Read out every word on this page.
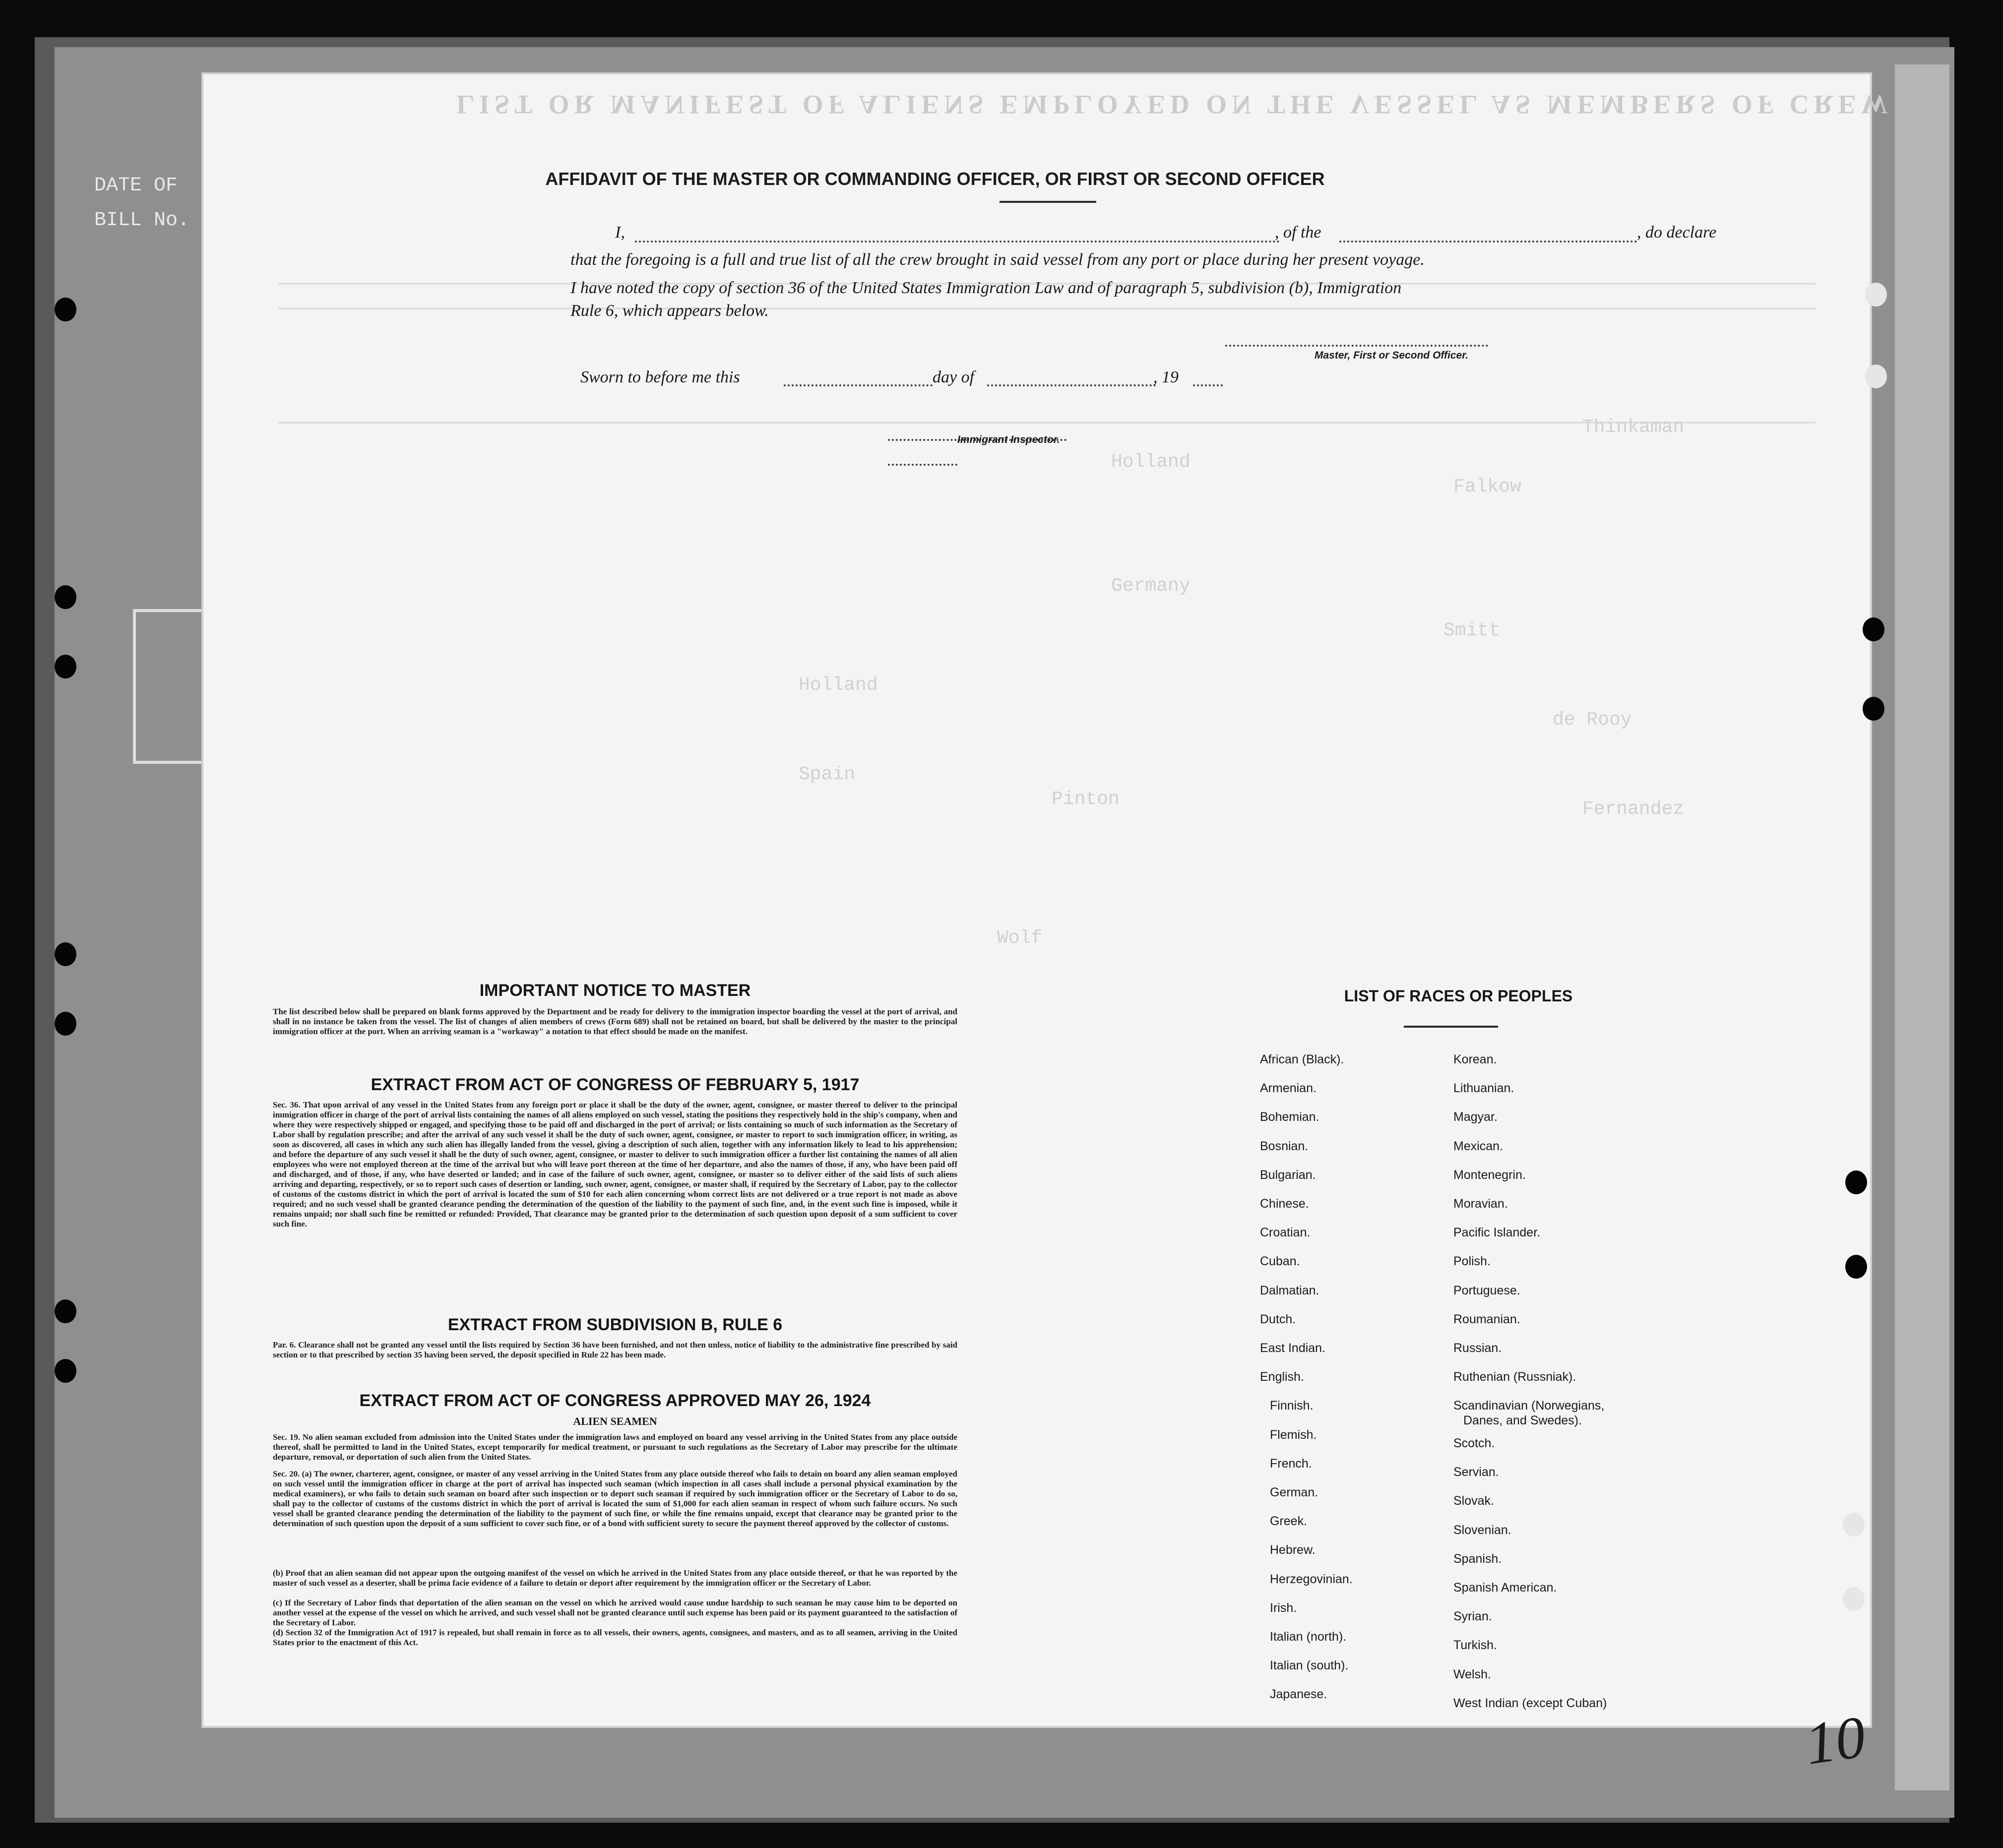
DATE OF
BILL No.
LIST OR MANIFEST OF ALIENS EMPLOYED ON THE VESSEL AS MEMBERS OF CREW
Thinkaman
Falkow
Smitt
de Rooy
Fernandez
Pinton
Holland
Germany
Holland
Spain
Wolf
AFFIDAVIT OF THE MASTER OR COMMANDING OFFICER, OR FIRST OR SECOND OFFICER
I,	, of the	, do declare
that the foregoing is a full and true list of all the crew brought in said vessel from any port or place during her present voyage.
I have noted the copy of section 36 of the United States Immigration Law and of paragraph 5, subdivision (b), Immigration
Rule 6, which appears below.
Master, First or Second Officer.
Sworn to before me this	day of	, 19
Immigrant Inspector.
IMPORTANT NOTICE TO MASTER
The list described below shall be prepared on blank forms approved by the Department and be ready for delivery to the immigration inspector boarding the vessel at the port of arrival, and shall in no instance be taken from the vessel. The list of changes of alien members of crews (Form 689) shall not be retained on board, but shall be delivered by the master to the principal immigration officer at the port. When an arriving seaman is a "workaway" a notation to that effect should be made on the manifest.
EXTRACT FROM ACT OF CONGRESS OF FEBRUARY 5, 1917
Sec. 36. That upon arrival of any vessel in the United States from any foreign port or place it shall be the duty of the owner, agent, consignee, or master thereof to deliver to the principal immigration officer in charge of the port of arrival lists containing the names of all aliens employed on such vessel, stating the positions they respectively hold in the ship's company, when and where they were respectively shipped or engaged, and specifying those to be paid off and discharged in the port of arrival; or lists containing so much of such information as the Secretary of Labor shall by regulation prescribe; and after the arrival of any such vessel it shall be the duty of such owner, agent, consignee, or master to report to such immigration officer, in writing, as soon as discovered, all cases in which any such alien has illegally landed from the vessel, giving a description of such alien, together with any information likely to lead to his apprehension; and before the departure of any such vessel it shall be the duty of such owner, agent, consignee, or master to deliver to such immigration officer a further list containing the names of all alien employees who were not employed thereon at the time of the arrival but who will leave port thereon at the time of her departure, and also the names of those, if any, who have been paid off and discharged, and of those, if any, who have deserted or landed; and in case of the failure of such owner, agent, consignee, or master so to deliver either of the said lists of such aliens arriving and departing, respectively, or so to report such cases of desertion or landing, such owner, agent, consignee, or master shall, if required by the Secretary of Labor, pay to the collector of customs of the customs district in which the port of arrival is located the sum of $10 for each alien concerning whom correct lists are not delivered or a true report is not made as above required; and no such vessel shall be granted clearance pending the determination of the question of the liability to the payment of such fine, and, in the event such fine is imposed, while it remains unpaid; nor shall such fine be remitted or refunded: Provided, That clearance may be granted prior to the determination of such question upon deposit of a sum sufficient to cover such fine.
EXTRACT FROM SUBDIVISION B, RULE 6
Par. 6. Clearance shall not be granted any vessel until the lists required by Section 36 have been furnished, and not then unless, notice of liability to the administrative fine prescribed by said section or to that prescribed by section 35 having been served, the deposit specified in Rule 22 has been made.
EXTRACT FROM ACT OF CONGRESS APPROVED MAY 26, 1924
ALIEN SEAMEN
Sec. 19. No alien seaman excluded from admission into the United States under the immigration laws and employed on board any vessel arriving in the United States from any place outside thereof, shall be permitted to land in the United States, except temporarily for medical treatment, or pursuant to such regulations as the Secretary of Labor may prescribe for the ultimate departure, removal, or deportation of such alien from the United States.
Sec. 20. (a) The owner, charterer, agent, consignee, or master of any vessel arriving in the United States from any place outside thereof who fails to detain on board any alien seaman employed on such vessel until the immigration officer in charge at the port of arrival has inspected such seaman (which inspection in all cases shall include a personal physical examination by the medical examiners), or who fails to detain such seaman on board after such inspection or to deport such seaman if required by such immigration officer or the Secretary of Labor to do so, shall pay to the collector of customs of the customs district in which the port of arrival is located the sum of $1,000 for each alien seaman in respect of whom such failure occurs. No such vessel shall be granted clearance pending the determination of the liability to the payment of such fine, or while the fine remains unpaid, except that clearance may be granted prior to the determination of such question upon the deposit of a sum sufficient to cover such fine, or of a bond with sufficient surety to secure the payment thereof approved by the collector of customs.
(b) Proof that an alien seaman did not appear upon the outgoing manifest of the vessel on which he arrived in the United States from any place outside thereof, or that he was reported by the master of such vessel as a deserter, shall be prima facie evidence of a failure to detain or deport after requirement by the immigration officer or the Secretary of Labor.
(c) If the Secretary of Labor finds that deportation of the alien seaman on the vessel on which he arrived would cause undue hardship to such seaman he may cause him to be deported on another vessel at the expense of the vessel on which he arrived, and such vessel shall not be granted clearance until such expense has been paid or its payment guaranteed to the satisfaction of the Secretary of Labor.
(d) Section 32 of the Immigration Act of 1917 is repealed, but shall remain in force as to all vessels, their owners, agents, consignees, and masters, and as to all seamen, arriving in the United States prior to the enactment of this Act.
LIST OF RACES OR PEOPLES
10
African (Black).
Armenian.
Bohemian.
Bosnian.
Bulgarian.
Chinese.
Croatian.
Cuban.
Dalmatian.
Dutch.
East Indian.
English.
Finnish.
Flemish.
French.
German.
Greek.
Hebrew.
Herzegovinian.
Irish.
Italian (north).
Italian (south).
Japanese.
Korean.
Lithuanian.
Magyar.
Mexican.
Montenegrin.
Moravian.
Pacific Islander.
Polish.
Portuguese.
Roumanian.
Russian.
Ruthenian (Russniak).
Scandinavian (Norwegians,
Danes, and Swedes).
Scotch.
Servian.
Slovak.
Slovenian.
Spanish.
Spanish American.
Syrian.
Turkish.
Welsh.
West Indian (except Cuban)
